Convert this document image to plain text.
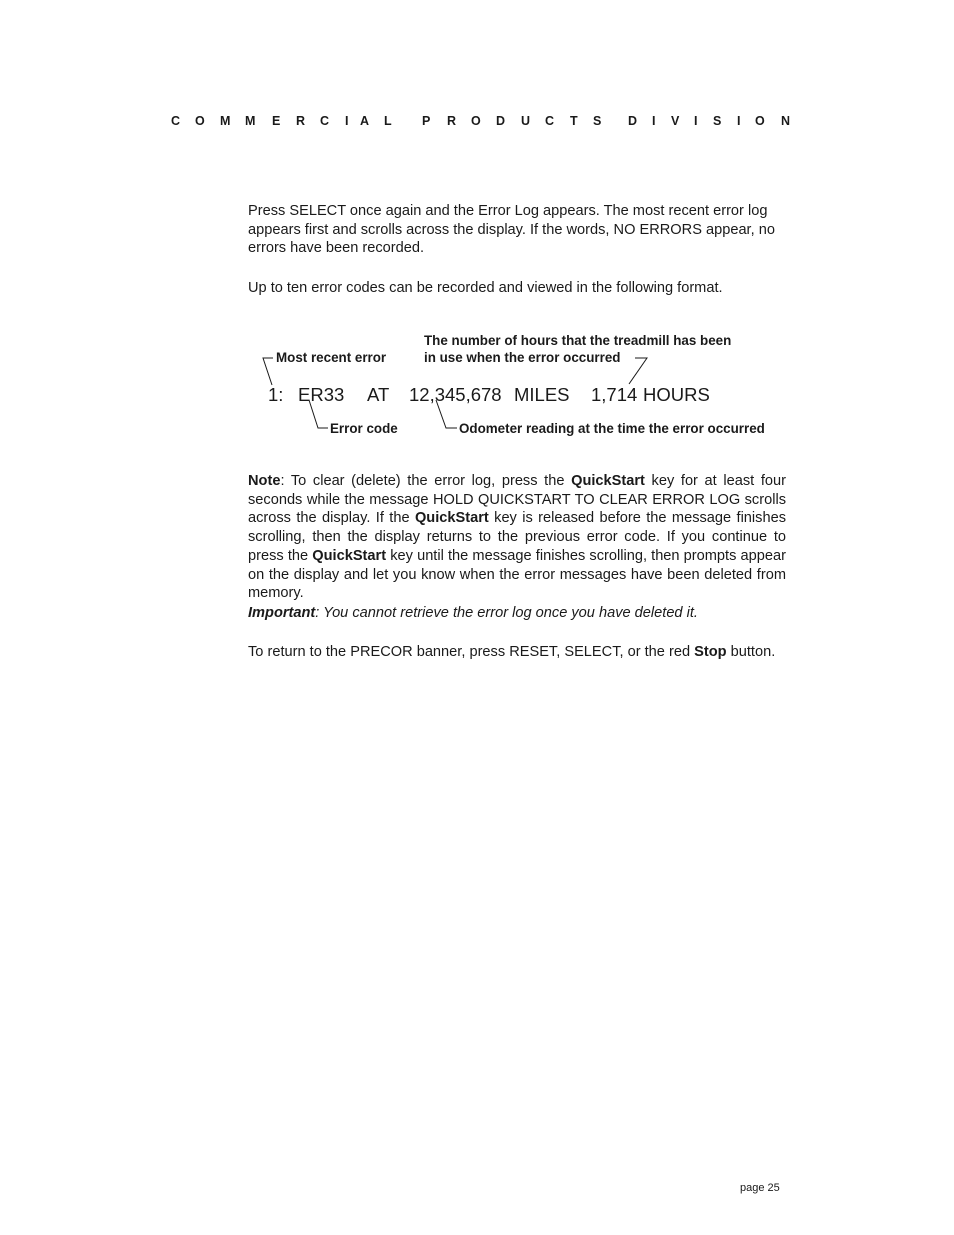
C O M M E R C I A L P R O D U C T S D I V I S I O N

Press SELECT once again and the Error Log appears. The most recent error log appears first and scrolls across the display. If the words, NO ERRORS appear, no errors have been recorded.

Up to ten error codes can be recorded and viewed in the following format.

The number of hours that the treadmill has been

in use when the error occurred

Most recent error

1: ER33 AT 12,345,678 MILES 1,714 HOURS

Error code	Odometer reading at the time the error occurred

Note: To clear (delete) the error log, press the QuickStart key for at least four seconds while the message HOLD QUICKSTART TO CLEAR ERROR LOG scrolls across the display. If the QuickStart key is released before the message finishes scrolling, then the display returns to the previous error code. If you continue to press the QuickStart key until the message finishes scrolling, then prompts appear on the display and let you know when the error messages have been deleted from memory.

Important: You cannot retrieve the error log once you have deleted it.

To return to the PRECOR banner, press RESET, SELECT, or the red Stop button.

page 25
